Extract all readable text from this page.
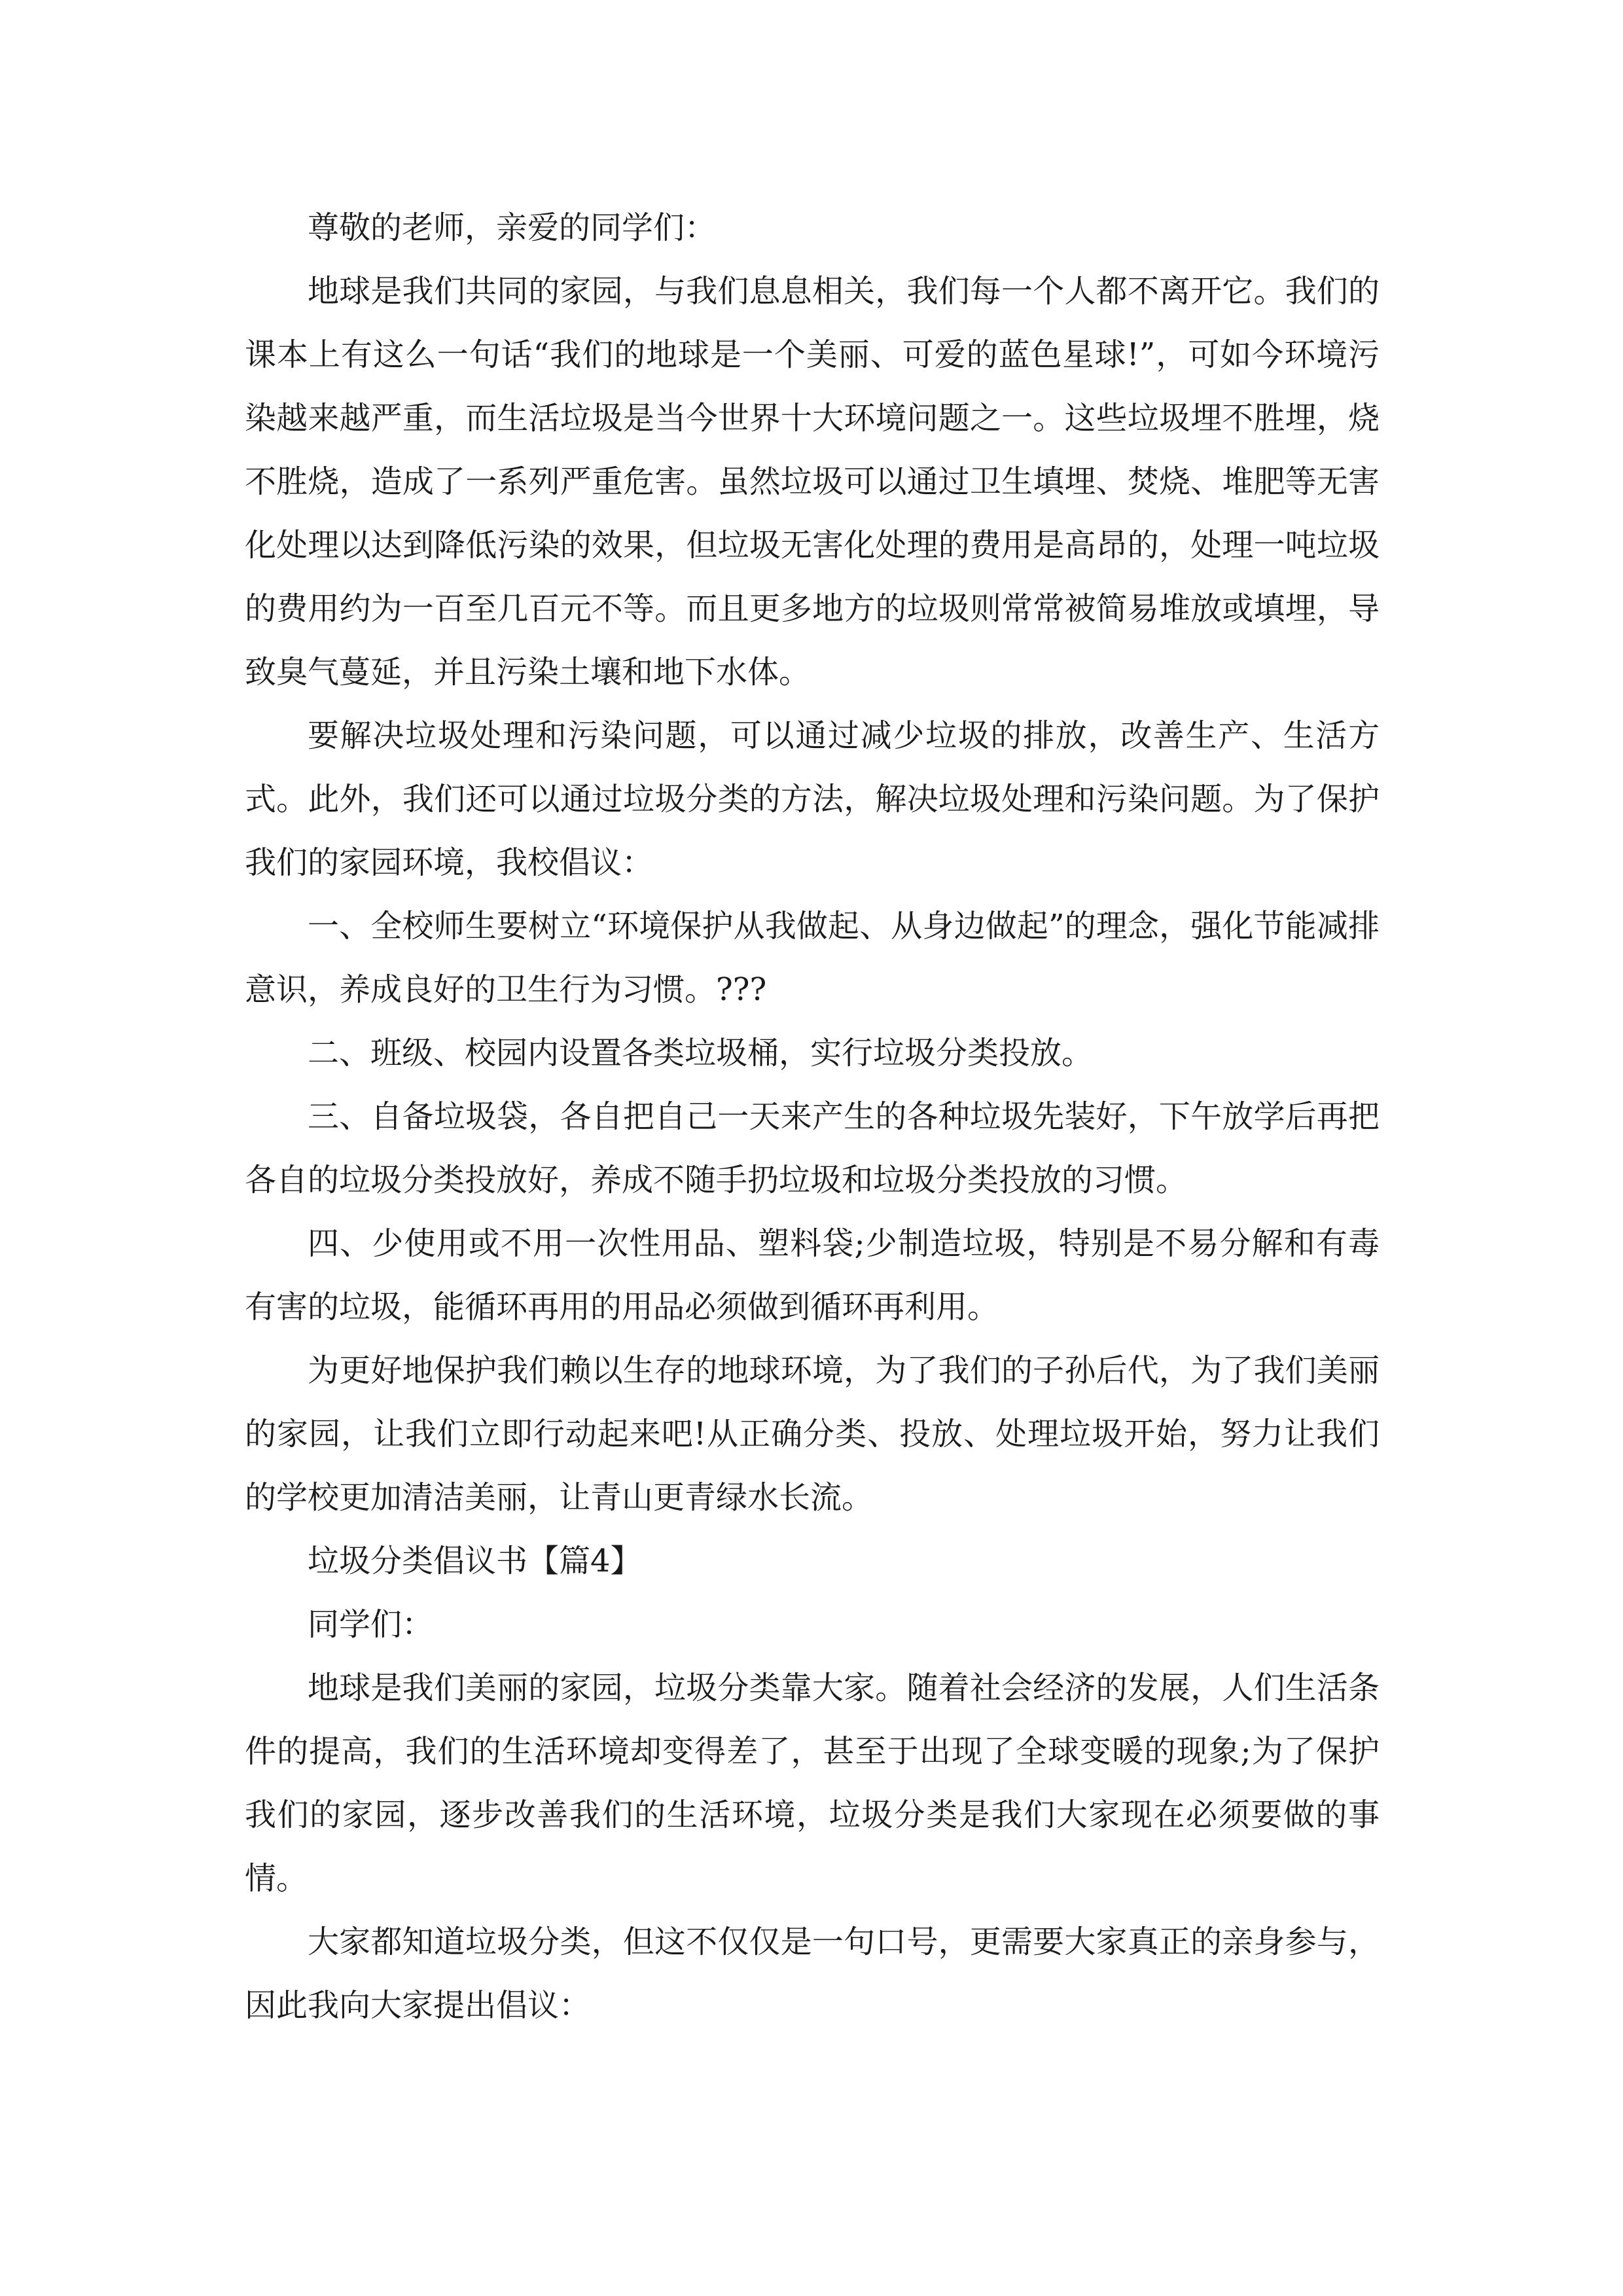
尊敬的老师，亲爱的同学们：

地球是我们共同的家园，与我们息息相关，我们每一个人都不离开它。我们的课本上有这么一句话“我们的地球是一个美丽、可爱的蓝色星球!”，可如今环境污染越来越严重，而生活垃圾是当今世界十大环境问题之一。这些垃圾埋不胜埋，烧不胜烧，造成了一系列严重危害。虽然垃圾可以通过卫生填埋、焚烧、堆肥等无害化处理以达到降低污染的效果，但垃圾无害化处理的费用是高昂的，处理一吨垃圾的费用约为一百至几百元不等。而且更多地方的垃圾则常常被简易堆放或填埋，导致臭气蔓延，并且污染土壤和地下水体。

要解决垃圾处理和污染问题，可以通过减少垃圾的排放，改善生产、生活方式。此外，我们还可以通过垃圾分类的方法，解决垃圾处理和污染问题。为了保护我们的家园环境，我校倡议：

一、全校师生要树立“环境保护从我做起、从身边做起”的理念，强化节能减排意识，养成良好的卫生行为习惯。???

二、班级、校园内设置各类垃圾桶，实行垃圾分类投放。

三、自备垃圾袋，各自把自己一天来产生的各种垃圾先装好，下午放学后再把各自的垃圾分类投放好，养成不随手扔垃圾和垃圾分类投放的习惯。

四、少使用或不用一次性用品、塑料袋;少制造垃圾，特别是不易分解和有毒有害的垃圾，能循环再用的用品必须做到循环再利用。

为更好地保护我们赖以生存的地球环境，为了我们的子孙后代，为了我们美丽的家园，让我们立即行动起来吧!从正确分类、投放、处理垃圾开始，努力让我们的学校更加清洁美丽，让青山更青绿水长流。

垃圾分类倡议书【篇4】

同学们：

地球是我们美丽的家园，垃圾分类靠大家。随着社会经济的发展，人们生活条件的提高，我们的生活环境却变得差了，甚至于出现了全球变暖的现象;为了保护我们的家园，逐步改善我们的生活环境，垃圾分类是我们大家现在必须要做的事情。

大家都知道垃圾分类，但这不仅仅是一句口号，更需要大家真正的亲身参与，因此我向大家提出倡议：
